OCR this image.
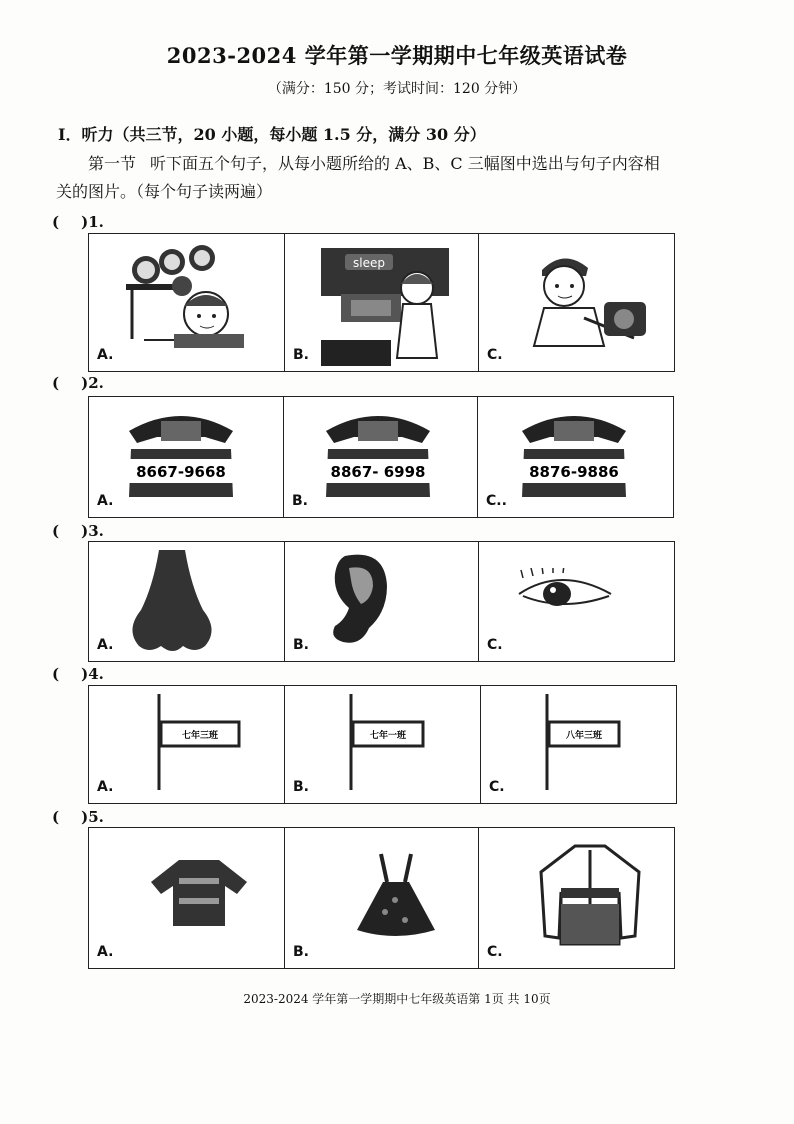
2023-2024 学年第一学期期中七年级英语试卷
（满分：150 分；考试时间：120 分钟）
I．听力（共三节，20 小题，每小题 1.5 分，满分 30 分）
第一节 听下面五个句子，从每小题所给的 A、B、C 三幅图中选出与句子内容相
关的图片。（每个句子读两遍）
( )1.
A.
sleep
B.	C.
( )2.
8667-9668
A.
8867- 6998
B.
8876-9886
C..
( )3.
A.	B.	C.
( )4.
七年三班
A.
七年一班
B.
八年三班
C.
( )5.
A.	B.	C.
2023-2024 学年第一学期期中七年级英语第 1页 共 10页
